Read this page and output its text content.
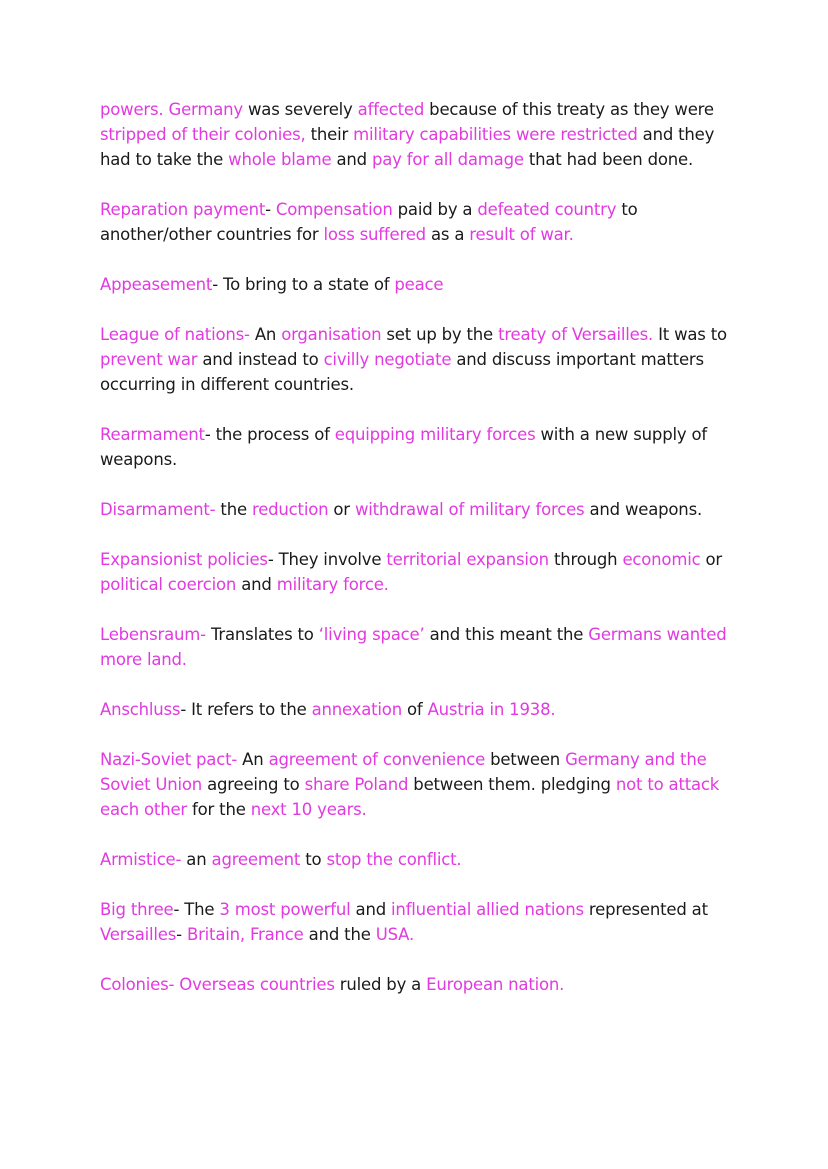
powers. Germany was severely affected because of this treaty as they were stripped of their colonies, their military capabilities were restricted and they had to take the whole blame and pay for all damage that had been done.

Reparation payment- Compensation paid by a defeated country to another/other countries for loss suffered as a result of war.

Appeasement- To bring to a state of peace

League of nations- An organisation set up by the treaty of Versailles. It was to prevent war and instead to civilly negotiate and discuss important matters occurring in different countries.

Rearmament- the process of equipping military forces with a new supply of weapons.

Disarmament- the reduction or withdrawal of military forces and weapons.

Expansionist policies- They involve territorial expansion through economic or political coercion and military force.

Lebensraum- Translates to ‘living space’ and this meant the Germans wanted more land.

Anschluss- It refers to the annexation of Austria in 1938.

Nazi-Soviet pact- An agreement of convenience between Germany and the Soviet Union agreeing to share Poland between them. pledging not to attack each other for the next 10 years.

Armistice- an agreement to stop the conflict.

Big three- The 3 most powerful and influential allied nations represented at Versailles- Britain, France and the USA.

Colonies- Overseas countries ruled by a European nation.
